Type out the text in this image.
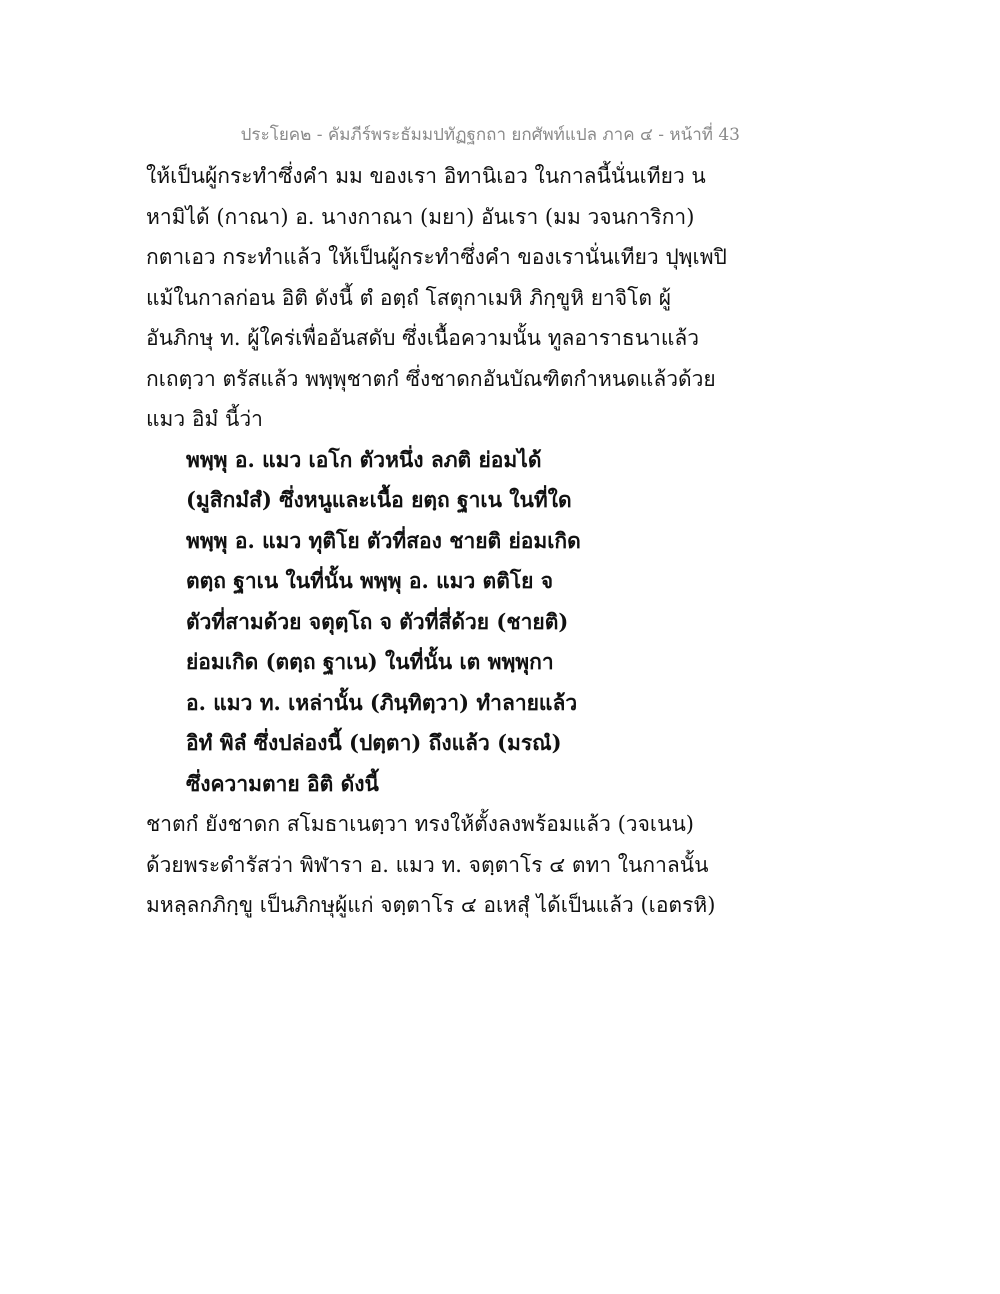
ประโยค๒ - คัมภีร์พระธัมมปทัฏฐกถา ยกศัพท์แปล ภาค ๔ - หน้าที่ 43
ให้เป็นผู้กระทำซึ่งคำ มม ของเรา อิทานิเอว ในกาลนี้นั่นเทียว น
หามิได้ (กาณา) อ. นางกาณา (มยา) อันเรา (มม วจนการิกา)
กตาเอว กระทำแล้ว ให้เป็นผู้กระทำซึ่งคำ ของเรานั่นเทียว ปุพฺเพปิ
แม้ในกาลก่อน อิติ ดังนี้ ตํ อตฺถํ โสตุกาเมหิ ภิกฺขูหิ ยาจิโต ผู้
อันภิกษุ ท. ผู้ใคร่เพื่ออันสดับ ซึ่งเนื้อความนั้น ทูลอาราธนาแล้ว
กเถตฺวา ตรัสแล้ว พพฺพุชาตกํ ซึ่งชาดกอันบัณฑิตกำหนดแล้วด้วย
แมว อิมํ นี้ว่า
พพฺพุ อ. แมว เอโก ตัวหนึ่ง ลภติ ย่อมได้
(มูสิกมํสํ) ซึ่งหนูและเนื้อ ยตฺถ ฐาเน ในที่ใด
พพฺพุ อ. แมว ทุติโย ตัวที่สอง ชายติ ย่อมเกิด
ตตฺถ ฐาเน ในที่นั้น พพฺพุ อ. แมว ตติโย จ
ตัวที่สามด้วย จตุตฺโถ จ ตัวที่สี่ด้วย (ชายติ)
ย่อมเกิด (ตตฺถ ฐาเน) ในที่นั้น เต พพฺพุกา
อ. แมว ท. เหล่านั้น (ภินฺทิตฺวา) ทำลายแล้ว
อิทํ พิลํ ซึ่งปล่องนี้ (ปตฺตา) ถึงแล้ว (มรณํ)
ซึ่งความตาย อิติ ดังนี้
ชาตกํ ยังชาดก สโมธาเนตฺวา ทรงให้ตั้งลงพร้อมแล้ว (วจเนน)
ด้วยพระดำรัสว่า พิฬารา อ. แมว ท. จตฺตาโร ๔ ตทา ในกาลนั้น
มหลฺลกภิกฺขู เป็นภิกษุผู้แก่ จตฺตาโร ๔ อเหสุํ ได้เป็นแล้ว (เอตรหิ)
